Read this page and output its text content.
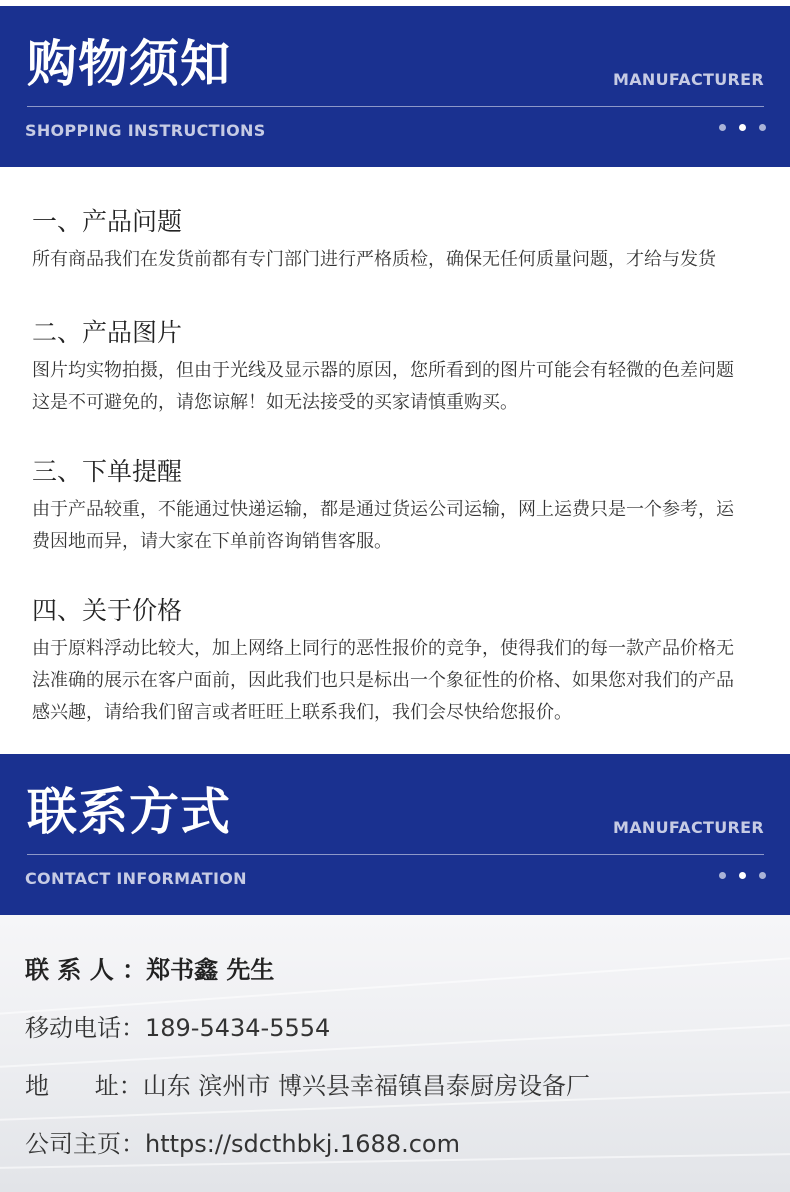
购物须知	MANUFACTURER
SHOPPING INSTRUCTIONS
一、产品问题

所有商品我们在发货前都有专门部门进行严格质检，确保无任何质量问题，才给与发货

二、产品图片

图片均实物拍摄，但由于光线及显示器的原因，您所看到的图片可能会有轻微的色差问题
这是不可避免的，请您谅解！如无法接受的买家请慎重购买。

三、下单提醒

由于产品较重，不能通过快递运输，都是通过货运公司运输，网上运费只是一个参考，运
费因地而异，请大家在下单前咨询销售客服。

四、关于价格

由于原料浮动比较大，加上网络上同行的恶性报价的竞争，使得我们的每一款产品价格无
法准确的展示在客户面前，因此我们也只是标出一个象征性的价格、如果您对我们的产品
感兴趣，请给我们留言或者旺旺上联系我们，我们会尽快给您报价。

联系方式	MANUFACTURER
CONTACT INFORMATION
联 系 人 ：郑书鑫 先生
移动电话：189-5434-5554
地      址：山东 滨州市 博兴县幸福镇昌泰厨房设备厂
公司主页：https://sdcthbkj.1688.com
